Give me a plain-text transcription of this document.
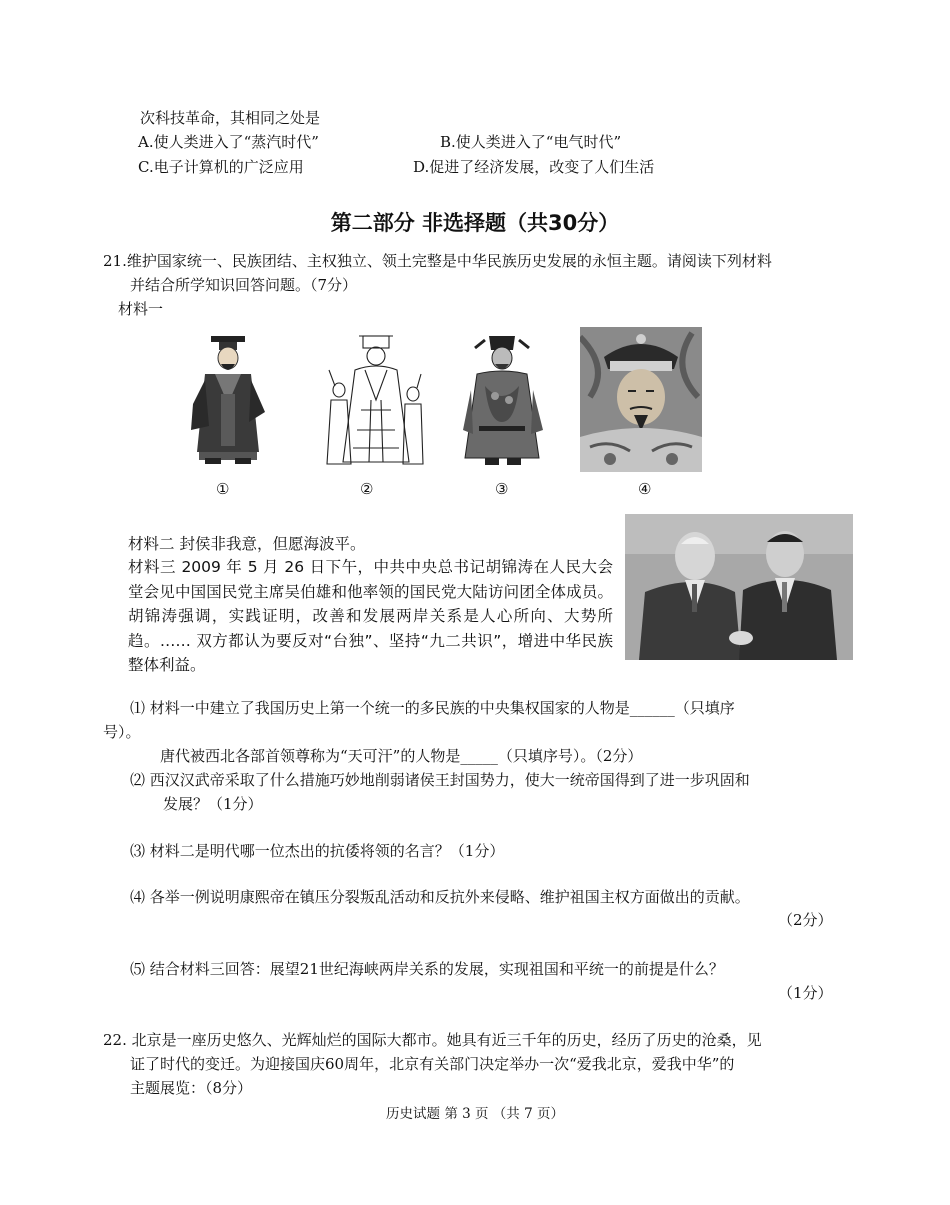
次科技革命，其相同之处是
A.使人类进入了“蒸汽时代”	B.使人类进入了“电气时代”
C.电子计算机的广泛应用	D.促进了经济发展，改变了人们生活
第二部分 非选择题（共30分）
21.维护国家统一、民族团结、主权独立、领土完整是中华民族历史发展的永恒主题。请阅读下列材料
并结合所学知识回答问题。（7分）
材料一
①	②	③	④
材料二 封侯非我意，但愿海波平。
材料三 2009 年 5 月 26 日下午，中共中央总书记胡锦涛在人民大会堂会见中国国民党主席吴伯雄和他率领的国民党大陆访问团全体成员。胡锦涛强调，实践证明，改善和发展两岸关系是人心所向、大势所趋。…… 双方都认为要反对“台独”、坚持“九二共识”，增进中华民族整体利益。
⑴ 材料一中建立了我国历史上第一个统一的多民族的中央集权国家的人物是______（只填序
号）。
唐代被西北各部首领尊称为“天可汗”的人物是_____（只填序号）。（2分）
⑵ 西汉汉武帝采取了什么措施巧妙地削弱诸侯王封国势力，使大一统帝国得到了进一步巩固和
发展？（1分）
⑶ 材料二是明代哪一位杰出的抗倭将领的名言？（1分）
⑷ 各举一例说明康熙帝在镇压分裂叛乱活动和反抗外来侵略、维护祖国主权方面做出的贡献。
（2分）
⑸ 结合材料三回答：展望21世纪海峡两岸关系的发展，实现祖国和平统一的前提是什么？
（1分）
22. 北京是一座历史悠久、光辉灿烂的国际大都市。她具有近三千年的历史，经历了历史的沧桑，见
证了时代的变迁。为迎接国庆60周年，北京有关部门决定举办一次“爱我北京，爱我中华”的
主题展览：（8分）
历史试题 第 3 页 （共 7 页）
